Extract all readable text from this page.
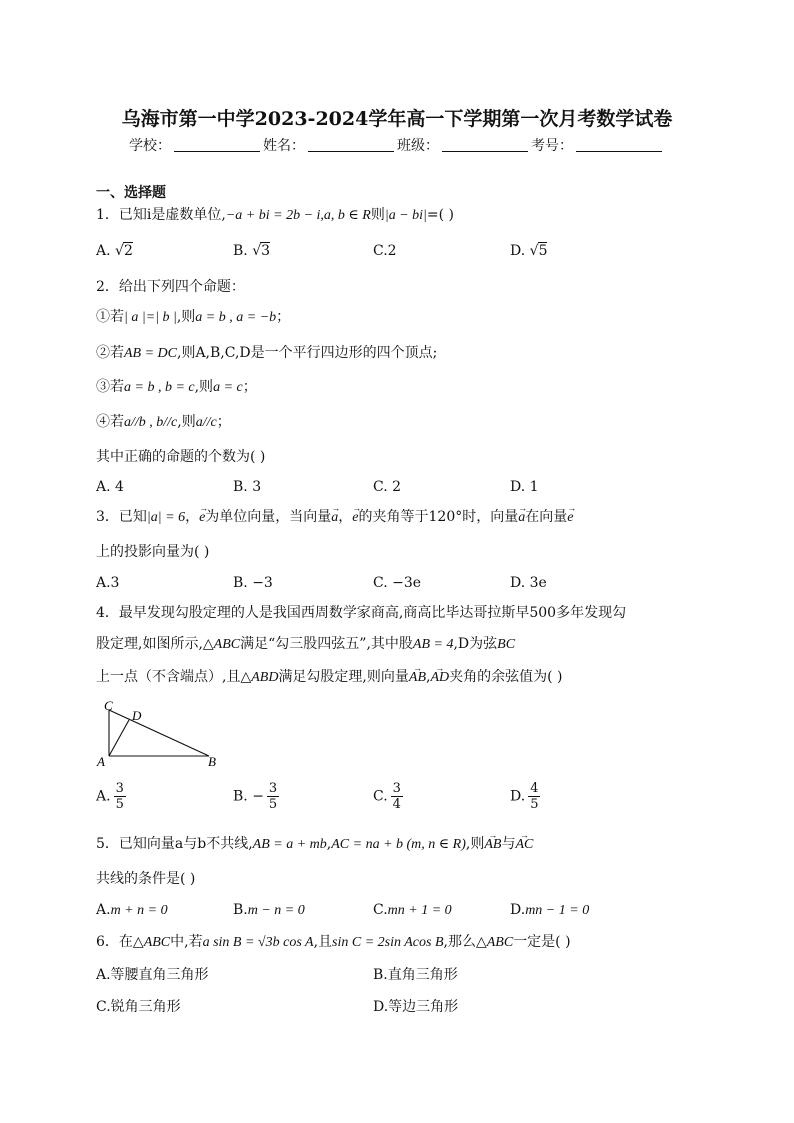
乌海市第一中学2023-2024学年高一下学期第一次月考数学试卷
学校：	姓名：	班级：	考号：
一、选择题
1．已知i是虚数单位,−a + bi = 2b − i,a, b ∈ R则|a − bi|=( )
A. √2	B. √3	C.2	D. √5
2．给出下列四个命题：
①若| a |=| b |,则a = b , a = −b；
②若AB = DC,则A,B,C,D是一个平行四边形的四个顶点;
③若a = b , b = c,则a = c；
④若a//b , b//c,则a//c；
其中正确的命题的个数为( )
A. 4	B. 3	C. 2	D. 1
3．已知|a| = 6，→ e为单位向量，当向量→ a，→ e的夹角等于120°时，向量→ a在向量→ e
上的投影向量为( )
A.3	B. −3	C. −3e	D. 3e
4．最早发现勾股定理的人是我国西周数学家商高,商高比毕达哥拉斯早500多年发现勾
股定理,如图所示,△ABC满足“勾三股四弦五”,其中股AB = 4,D为弦BC
上一点（不含端点）,且△ABD满足勾股定理,则向量→ AB,→ AD夹角的余弦值为( )
C
D
A	B
A. $\frac{3}{5}$	B. − $\frac{3}{5}$	C. $\frac{3}{4}$	D. $\frac{4}{5}$
5．已知向量a与b不共线,AB = a + mb,AC = na + b (m, n ∈ R),则→ AB与→ AC
共线的条件是( )
A.m + n = 0	B.m − n = 0	C.mn + 1 = 0	D.mn − 1 = 0
6．在△ABC中,若a sin B = √3b cos A,且sin C = 2sin Acos B,那么△ABC一定是( )
A.等腰直角三角形	B.直角三角形
C.锐角三角形	D.等边三角形
